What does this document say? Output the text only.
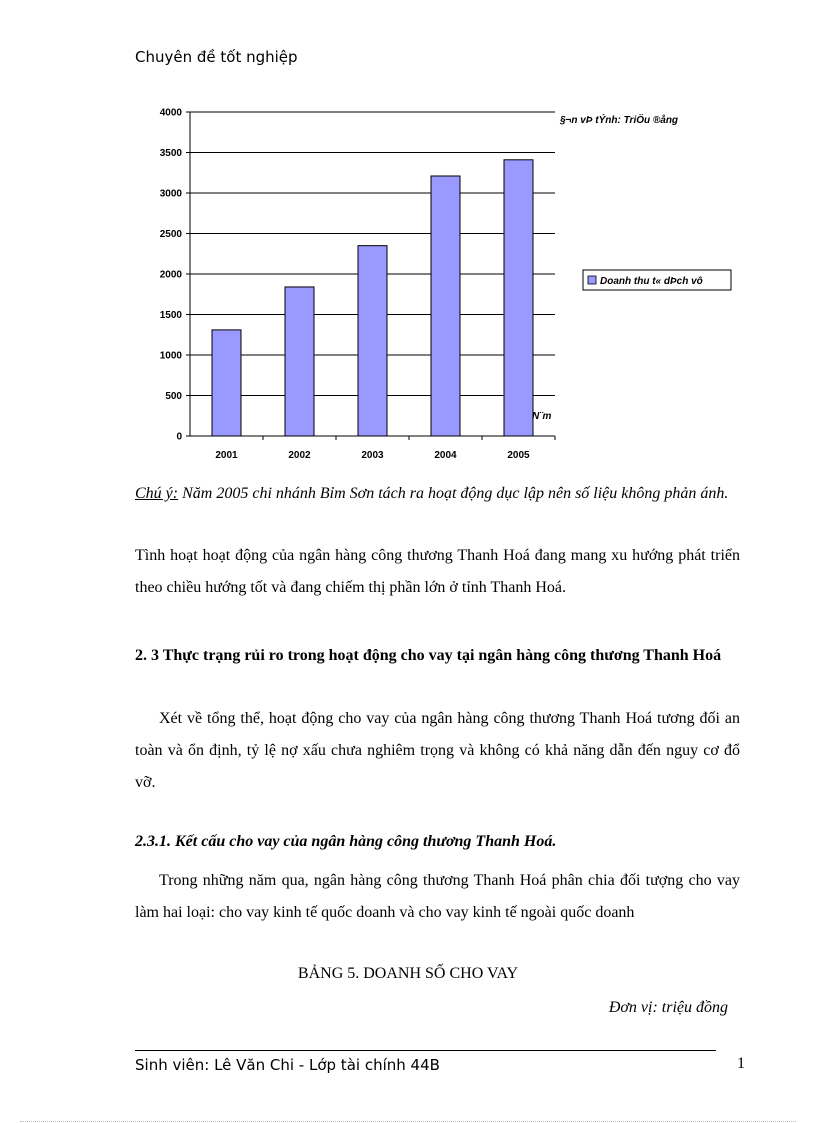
Chuyên đề tốt nghiệp
0
500
1000
1500
2000
2500
3000
3500
4000
2001	2002	2003	2004	2005
§¬n vÞ tÝnh: TriÖu ®ång
N¨m
Doanh thu t« dÞch vô
Chú ý: Năm 2005 chi nhánh Bỉm Sơn tách ra hoạt động dục lập nên số liệu không phản ánh.
Tình hoạt hoạt động của ngân hàng công thương Thanh Hoá đang mang xu hướng phát triển theo chiều hướng tốt và đang chiếm thị phần lớn ở tỉnh Thanh Hoá.
2. 3 Thực trạng rủi ro trong hoạt động cho vay tại ngân hàng công thương Thanh Hoá
Xét về tổng thể, hoạt động cho vay của ngân hàng công thương Thanh Hoá tương đối an toàn và ổn định, tỷ lệ nợ xấu chưa nghiêm trọng và không có khả năng dẫn đến nguy cơ đổ vỡ.
2.3.1. Kết cấu cho vay của ngân hàng công thương Thanh Hoá.
Trong những năm qua, ngân hàng công thương Thanh Hoá phân chia đối tượng cho vay làm hai loại: cho vay kinh tế quốc doanh và cho vay kinh tế ngoài quốc doanh
BẢNG 5. DOANH SỐ CHO VAY
Đơn vị: triệu đồng
Sinh viên: Lê Văn Chi - Lớp tài chính 44B	1
